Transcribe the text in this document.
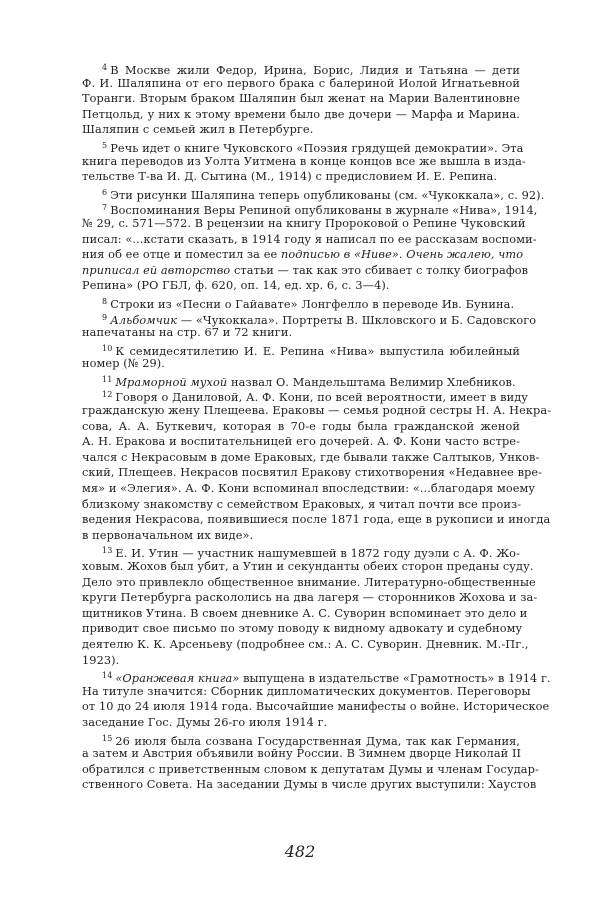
$^4$ В Москве жили Федор, Ирина, Борис, Лидия и Татьяна — дети
Ф. И. Шаляпина от его первого брака с балериной Иолой Игнатьевной
Торанги. Вторым браком Шаляпин был женат на Марии Валентиновне
Петцольд, у них к этому времени было две дочери — Марфа и Марина.
Шаляпин с семьей жил в Петербурге.
$^5$ Речь идет о книге Чуковского «Поэзия грядущей демократии». Эта
книга переводов из Уолта Уитмена в конце концов все же вышла в изда-
тельстве Т-ва И. Д. Сытина (М., 1914) с предисловием И. Е. Репина.
$^6$ Эти рисунки Шаляпина теперь опубликованы (см. «Чукоккала», с. 92).
$^7$ Воспоминания Веры Репиной опубликованы в журнале «Нива», 1914,
№ 29, с. 571—572. В рецензии на книгу Пророковой о Репине Чуковский
писал: «...кстати сказать, в 1914 году я написал по ее рассказам воспоми-
ния об ее отце и поместил за ее подписью в «Ниве». Очень жалею, что
приписал ей авторство статьи — так как это сбивает с толку биографов
Репина» (РО ГБЛ, ф. 620, оп. 14, ед. хр. 6, с. 3—4).
$^8$ Строки из «Песни о Гайавате» Лонгфелло в переводе Ив. Бунина.
$^9$ Альбомчик — «Чукоккала». Портреты В. Шкловского и Б. Садовского
напечатаны на стр. 67 и 72 книги.
$^{10}$ К семидесятилетию И. Е. Репина «Нива» выпустила юбилейный
номер (№ 29).
$^{11}$ Мраморной мухой назвал О. Мандельштама Велимир Хлебников.
$^{12}$ Говоря о Даниловой, А. Ф. Кони, по всей вероятности, имеет в виду
гражданскую жену Плещеева. Ераковы — семья родной сестры Н. А. Некра-
сова, А. А. Буткевич, которая в 70-е годы была гражданской женой
А. Н. Еракова и воспитательницей его дочерей. А. Ф. Кони часто встре-
чался с Некрасовым в доме Ераковых, где бывали также Салтыков, Унков-
ский, Плещеев. Некрасов посвятил Еракову стихотворения «Недавнее вре-
мя» и «Элегия». А. Ф. Кони вспоминал впоследствии: «...благодаря моему
близкому знакомству с семейством Ераковых, я читал почти все произ-
ведения Некрасова, появившиеся после 1871 года, еще в рукописи и иногда
в первоначальном их виде».
$^{13}$ Е. И. Утин — участник нашумевшей в 1872 году дуэли с А. Ф. Жо-
ховым. Жохов был убит, а Утин и секунданты обеих сторон преданы суду.
Дело это привлекло общественное внимание. Литературно-общественные
круги Петербурга раскололись на два лагеря — сторонников Жохова и за-
щитников Утина. В своем дневнике А. С. Суворин вспоминает это дело и
приводит свое письмо по этому поводу к видному адвокату и судебному
деятелю К. К. Арсеньеву (подробнее см.: А. С. Суворин. Дневник. М.-Пг.,
1923).
$^{14}$ «Оранжевая книга» выпущена в издательстве «Грамотность» в 1914 г.
На титуле значится: Сборник дипломатических документов. Переговоры
от 10 до 24 июля 1914 года. Высочайшие манифесты о войне. Историческое
заседание Гос. Думы 26-го июля 1914 г.
$^{15}$ 26 июля была созвана Государственная Дума, так как Германия,
а затем и Австрия объявили войну России. В Зимнем дворце Николай II
обратился с приветственным словом к депутатам Думы и членам Государ-
ственного Совета. На заседании Думы в числе других выступили: Хаустов
482
